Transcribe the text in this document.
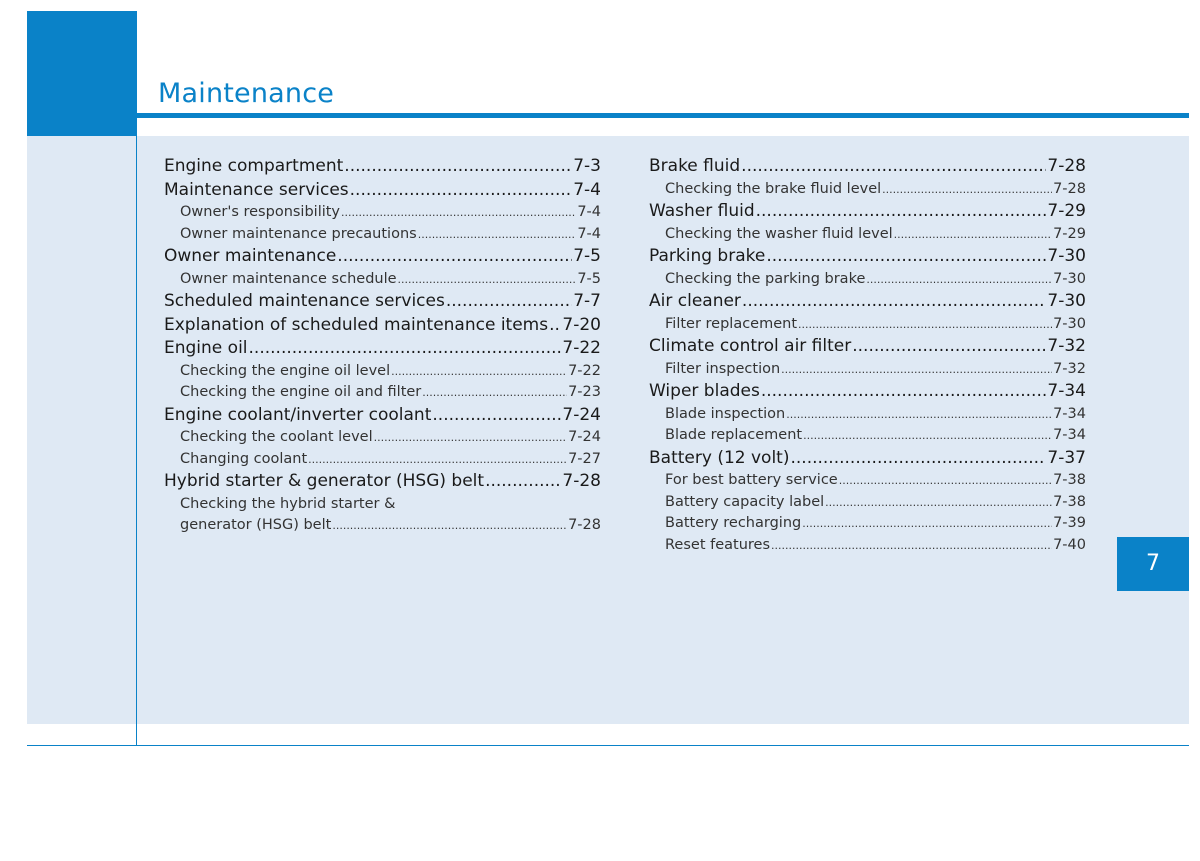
Maintenance
7
Engine compartment .....	7-3
Maintenance services .....	7-4
Owner's responsibility .....	7-4
Owner maintenance precautions .....	7-4
Owner maintenance .....	7-5
Owner maintenance schedule .....	7-5
Scheduled maintenance services .....	7-7
Explanation of scheduled maintenance items ..... 7-20
Engine oil .....	7-22
Checking the engine oil level .....	7-22
Checking the engine oil and filter .....	7-23
Engine coolant/inverter coolant .....	7-24
Checking the coolant level .....	7-24
Changing coolant .....	7-27
Hybrid starter & generator (HSG) belt .....	7-28
Checking the hybrid starter &
generator (HSG) belt .....	7-28
Brake fluid .....	7-28
Checking the brake fluid level .....	7-28
Washer fluid .....	7-29
Checking the washer fluid level .....	7-29
Parking brake .....	7-30
Checking the parking brake .....	7-30
Air cleaner .....	7-30
Filter replacement .....	7-30
Climate control air filter .....	7-32
Filter inspection .....	7-32
Wiper blades .....	7-34
Blade inspection .....	7-34
Blade replacement .....	7-34
Battery (12 volt) .....	7-37
For best battery service .....	7-38
Battery capacity label .....	7-38
Battery recharging .....	7-39
Reset features .....	7-40
